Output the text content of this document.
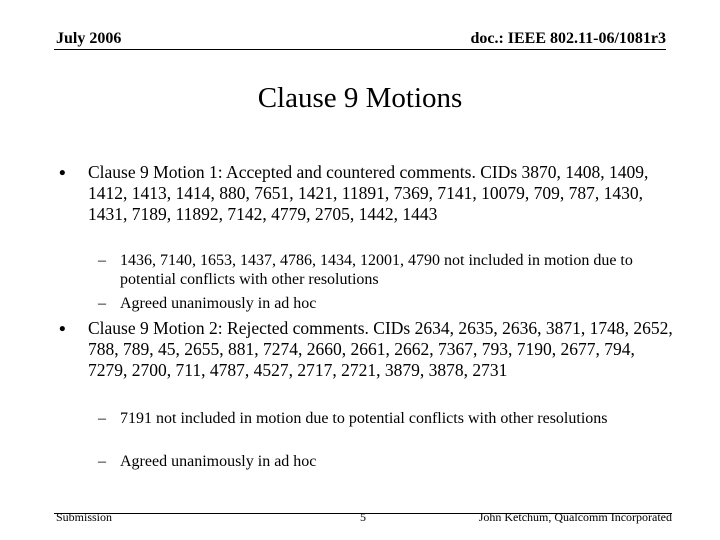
July 2006	doc.: IEEE 802.11-06/1081r3
Clause 9 Motions
•	Clause 9 Motion 1: Accepted and countered comments. CIDs 3870, 1408, 1409, 1412, 1413, 1414, 880, 7651, 1421, 11891, 7369, 7141, 10079, 709, 787, 1430, 1431, 7189, 11892, 7142, 4779, 2705, 1442, 1443
– 1436, 7140, 1653, 1437, 4786, 1434, 12001, 4790 not included in motion due to potential conflicts with other resolutions
– Agreed unanimously in ad hoc
•	Clause 9 Motion 2: Rejected comments. CIDs 2634, 2635, 2636, 3871, 1748, 2652, 788, 789, 45, 2655, 881, 7274, 2660, 2661, 2662, 7367, 793, 7190, 2677, 794, 7279, 2700, 711, 4787, 4527, 2717, 2721, 3879, 3878, 2731
– 7191 not included in motion due to potential conflicts with other resolutions
– Agreed unanimously in ad hoc
Submission	5	John Ketchum, Qualcomm Incorporated
